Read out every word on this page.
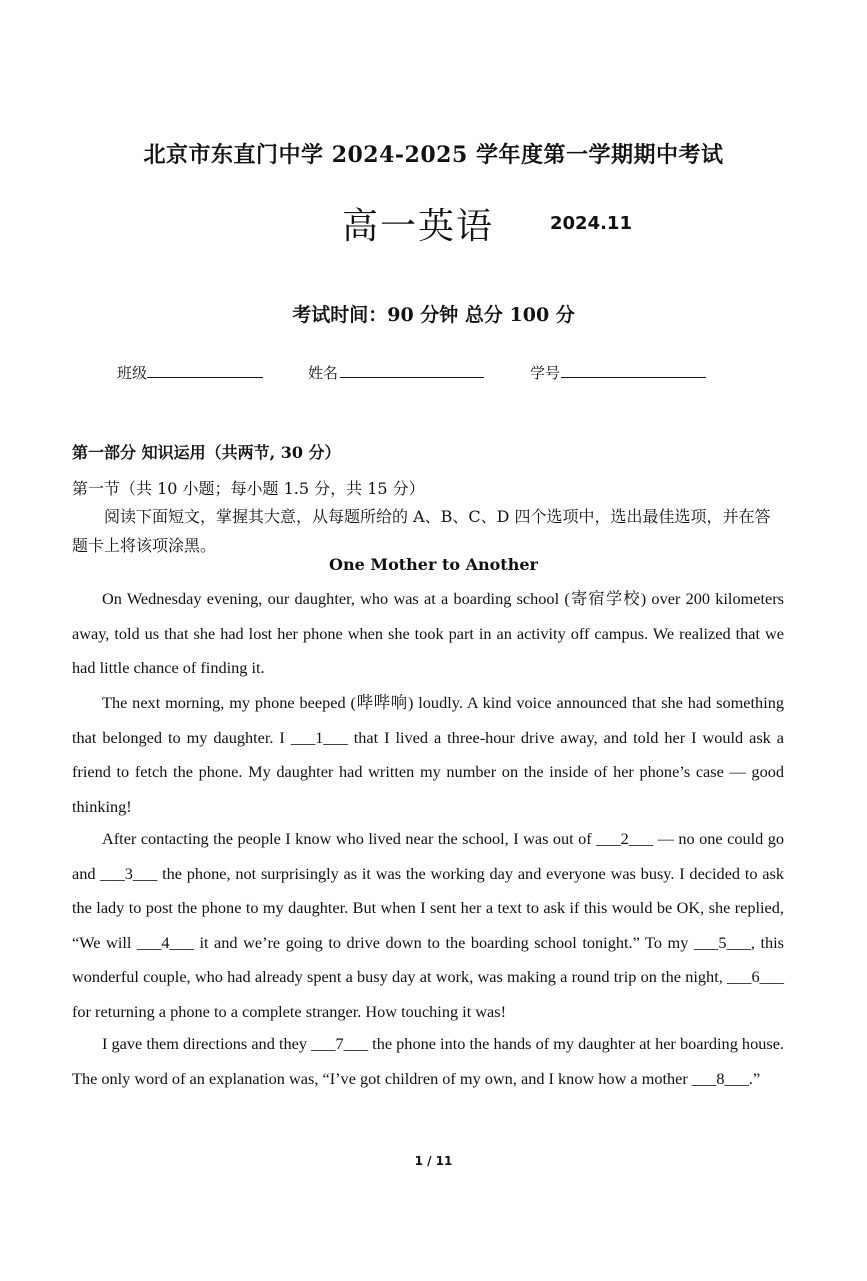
北京市东直门中学 2024-2025 学年度第一学期期中考试
高一英语	2024.11
考试时间：90 分钟 总分 100 分
班级	姓名	学号
第一部分 知识运用（共两节, 30 分）
第一节（共 10 小题；每小题 1.5 分，共 15 分）
阅读下面短文，掌握其大意，从每题所给的 A、B、C、D 四个选项中，选出最佳选项，并在答题卡上将该项涂黑。
One Mother to Another
On Wednesday evening, our daughter, who was at a boarding school (寄宿学校) over 200 kilometers away, told us that she had lost her phone when she took part in an activity off campus. We realized that we had little chance of finding it.
The next morning, my phone beeped (哔哔响) loudly. A kind voice announced that she had something that belonged to my daughter. I ___1___ that I lived a three-hour drive away, and told her I would ask a friend to fetch the phone. My daughter had written my number on the inside of her phone’s case — good thinking!
After contacting the people I know who lived near the school, I was out of ___2___ — no one could go and ___3___ the phone, not surprisingly as it was the working day and everyone was busy. I decided to ask the lady to post the phone to my daughter. But when I sent her a text to ask if this would be OK, she replied, “We will ___4___ it and we’re going to drive down to the boarding school tonight.” To my ___5___, this wonderful couple, who had already spent a busy day at work, was making a round trip on the night, ___6___ for returning a phone to a complete stranger. How touching it was!
I gave them directions and they ___7___ the phone into the hands of my daughter at her boarding house. The only word of an explanation was, “I’ve got children of my own, and I know how a mother ___8___.”
1 / 11
